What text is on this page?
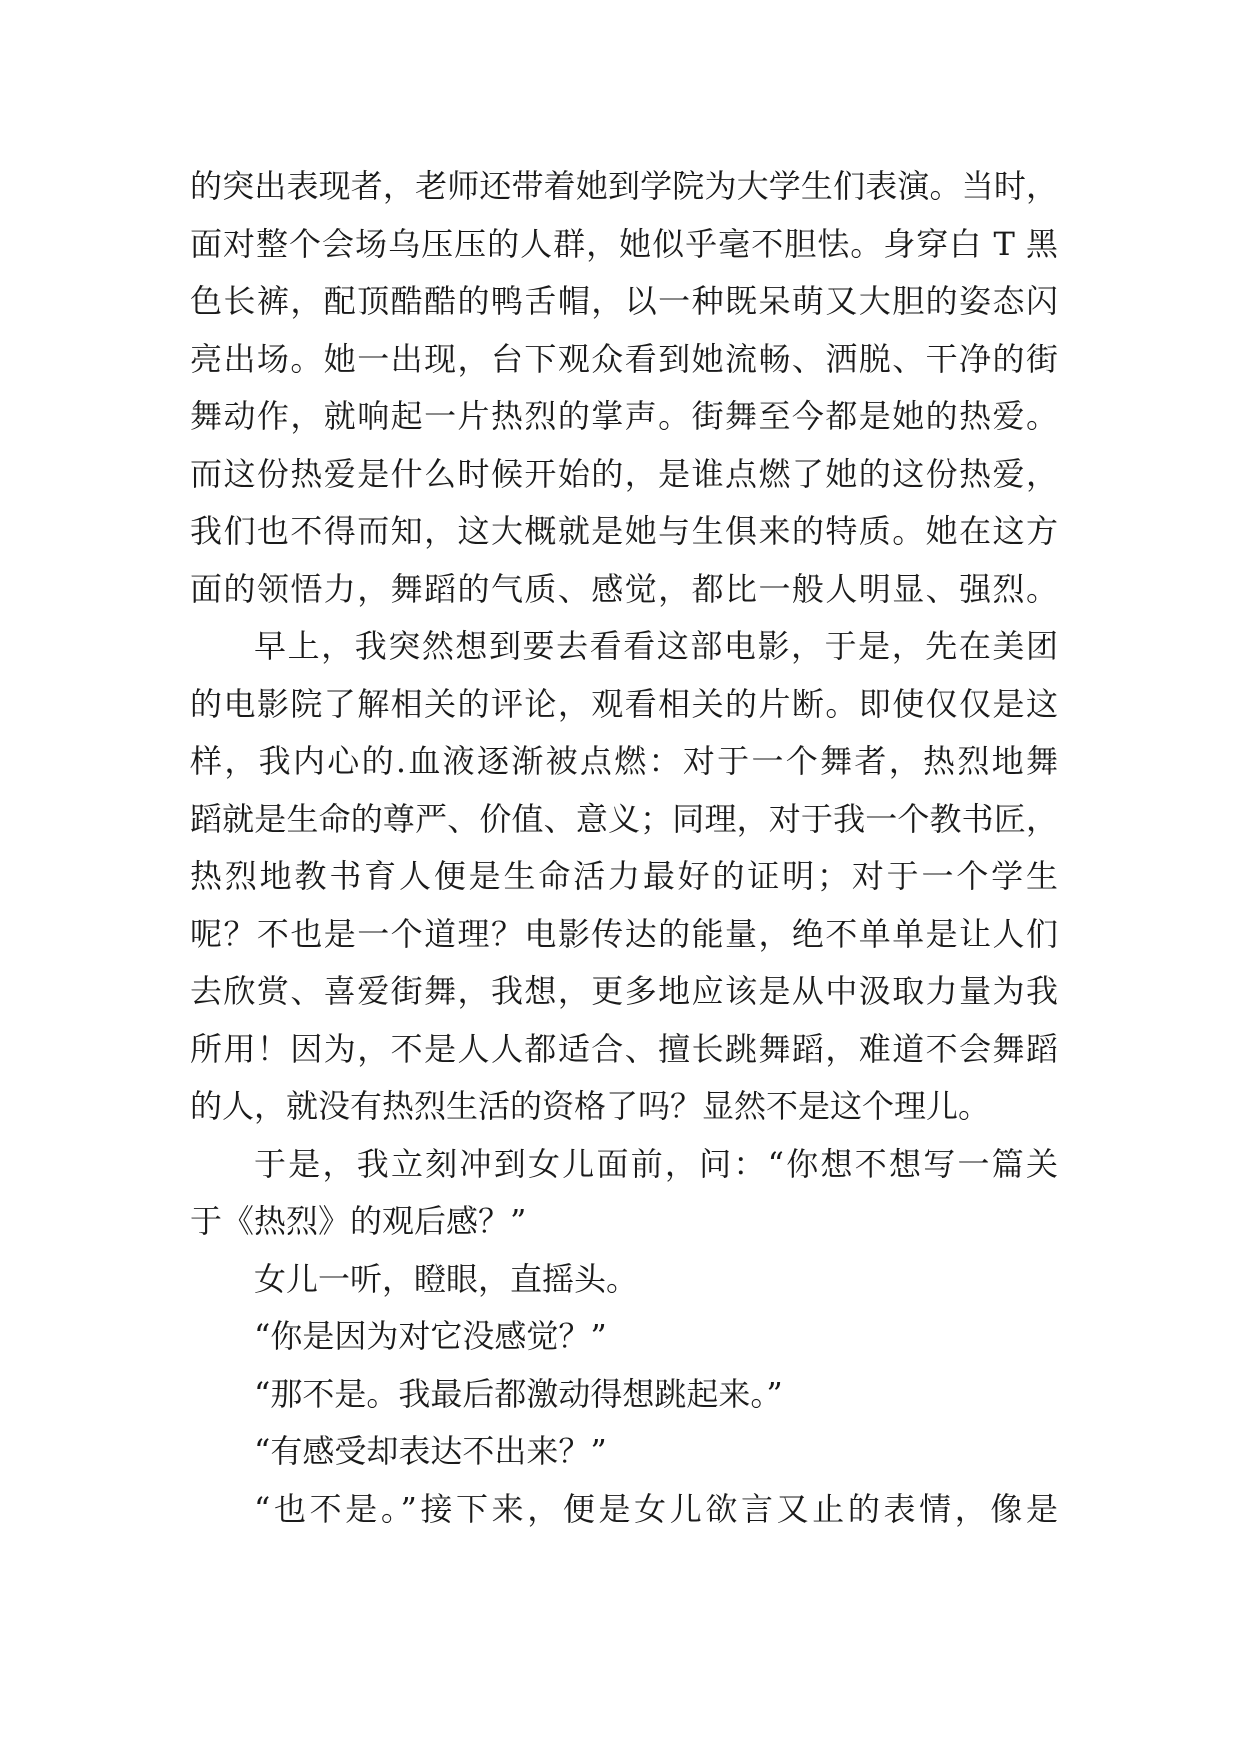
的突出表现者，老师还带着她到学院为大学生们表演。当时，
面对整个会场乌压压的人群，她似乎毫不胆怯。身穿白 T 黑
色长裤，配顶酷酷的鸭舌帽，以一种既呆萌又大胆的姿态闪
亮出场。她一出现，台下观众看到她流畅、洒脱、干净的街
舞动作，就响起一片热烈的掌声。街舞至今都是她的热爱。
而这份热爱是什么时候开始的，是谁点燃了她的这份热爱，
我们也不得而知，这大概就是她与生俱来的特质。她在这方
面的领悟力，舞蹈的气质、感觉，都比一般人明显、强烈。
早上，我突然想到要去看看这部电影，于是，先在美团
的电影院了解相关的评论，观看相关的片断。即使仅仅是这
样，我内心的.血液逐渐被点燃：对于一个舞者，热烈地舞
蹈就是生命的尊严、价值、意义；同理，对于我一个教书匠，
热烈地教书育人便是生命活力最好的证明；对于一个学生
呢？不也是一个道理？电影传达的能量，绝不单单是让人们
去欣赏、喜爱街舞，我想，更多地应该是从中汲取力量为我
所用！因为，不是人人都适合、擅长跳舞蹈，难道不会舞蹈
的人，就没有热烈生活的资格了吗？显然不是这个理儿。
于是，我立刻冲到女儿面前，问：“你想不想写一篇关
于《热烈》的观后感？”
女儿一听，瞪眼，直摇头。
“你是因为对它没感觉？”
“那不是。我最后都激动得想跳起来。”
“有感受却表达不出来？”
“也不是。”接下来，便是女儿欲言又止的表情，像是
